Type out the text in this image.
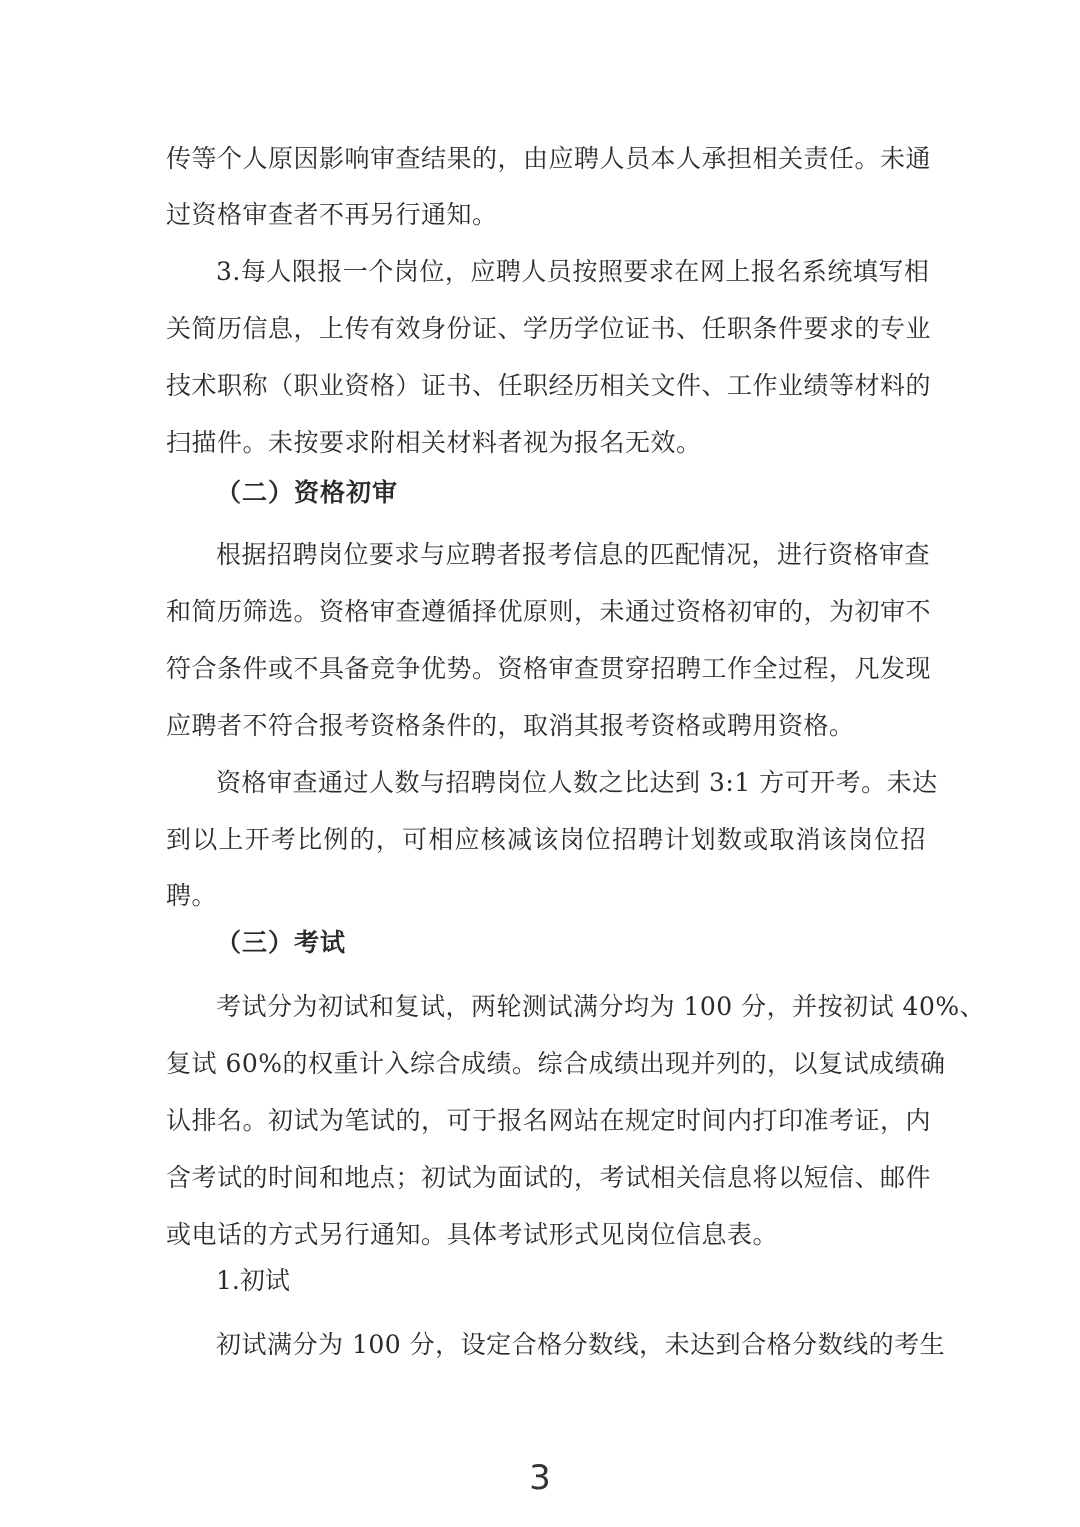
传等个人原因影响审查结果的，由应聘人员本人承担相关责任。未通
过资格审查者不再另行通知。
3.每人限报一个岗位，应聘人员按照要求在网上报名系统填写相
关简历信息，上传有效身份证、学历学位证书、任职条件要求的专业
技术职称（职业资格）证书、任职经历相关文件、工作业绩等材料的
扫描件。未按要求附相关材料者视为报名无效。
（二）资格初审
根据招聘岗位要求与应聘者报考信息的匹配情况，进行资格审查
和简历筛选。资格审查遵循择优原则，未通过资格初审的，为初审不
符合条件或不具备竞争优势。资格审查贯穿招聘工作全过程，凡发现
应聘者不符合报考资格条件的，取消其报考资格或聘用资格。
资格审查通过人数与招聘岗位人数之比达到 3:1 方可开考。未达
到以上开考比例的，可相应核减该岗位招聘计划数或取消该岗位招
聘。
（三）考试
考试分为初试和复试，两轮测试满分均为 100 分，并按初试 40%、
复试 60%的权重计入综合成绩。综合成绩出现并列的，以复试成绩确
认排名。初试为笔试的，可于报名网站在规定时间内打印准考证，内
含考试的时间和地点；初试为面试的，考试相关信息将以短信、邮件
或电话的方式另行通知。具体考试形式见岗位信息表。
1.初试
初试满分为 100 分，设定合格分数线，未达到合格分数线的考生
3
